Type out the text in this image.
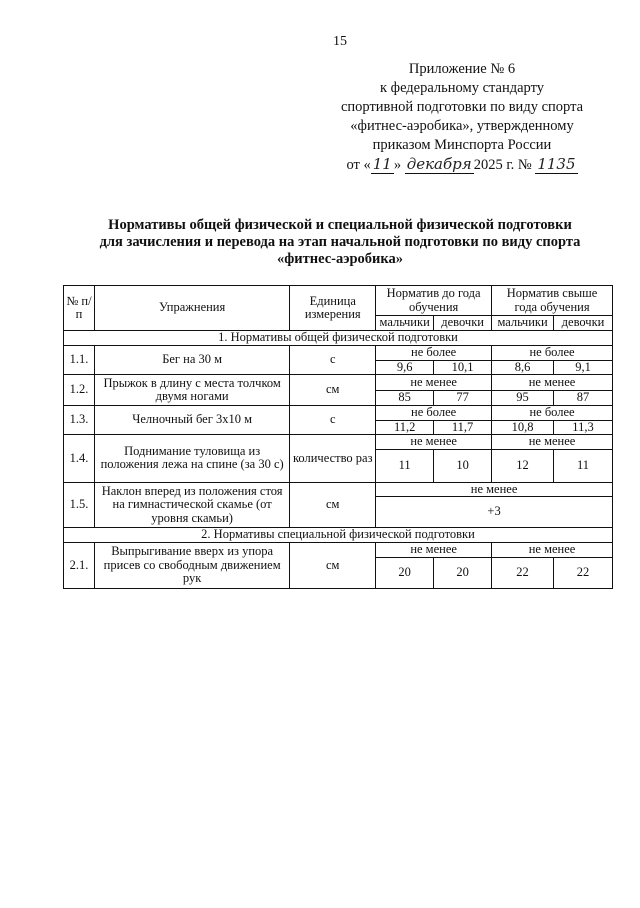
15
Приложение № 6
к федеральному стандарту
спортивной подготовки по виду спорта
«фитнес-аэробика», утвержденному
приказом Минспорта России
от « 11 » декабря 2025 г. № 1135
Нормативы общей физической и специальной физической подготовки
для зачисления и перевода на этап начальной подготовки по виду спорта
«фитнес-аэробика»
№ п/п	Упражнения	Единица измерения	Норматив до года обучения		Норматив свыше года обучения	
			мальчики	девочки	мальчики	девочки
1. Нормативы общей физической подготовки						
1.1.	Бег на 30 м	с	не более		не более	
			9,6	10,1	8,6	9,1
1.2.	Прыжок в длину с места толчком двумя ногами	см	не менее		не менее	
			85	77	95	87
1.3.	Челночный бег 3х10 м	с	не более		не более	
			11,2	11,7	10,8	11,3
1.4.	Поднимание туловища из положения лежа на спине (за 30 с)	количество раз	не менее		не менее	
			11	10	12	11
1.5.	Наклон вперед из положения стоя на гимнастической скамье (от уровня скамьи)	см	не менее			
			+3			
2. Нормативы специальной физической подготовки						
2.1.	Выпрыгивание вверх из упора присев со свободным движением рук	см	не менее		не менее	
			20	20	22	22
